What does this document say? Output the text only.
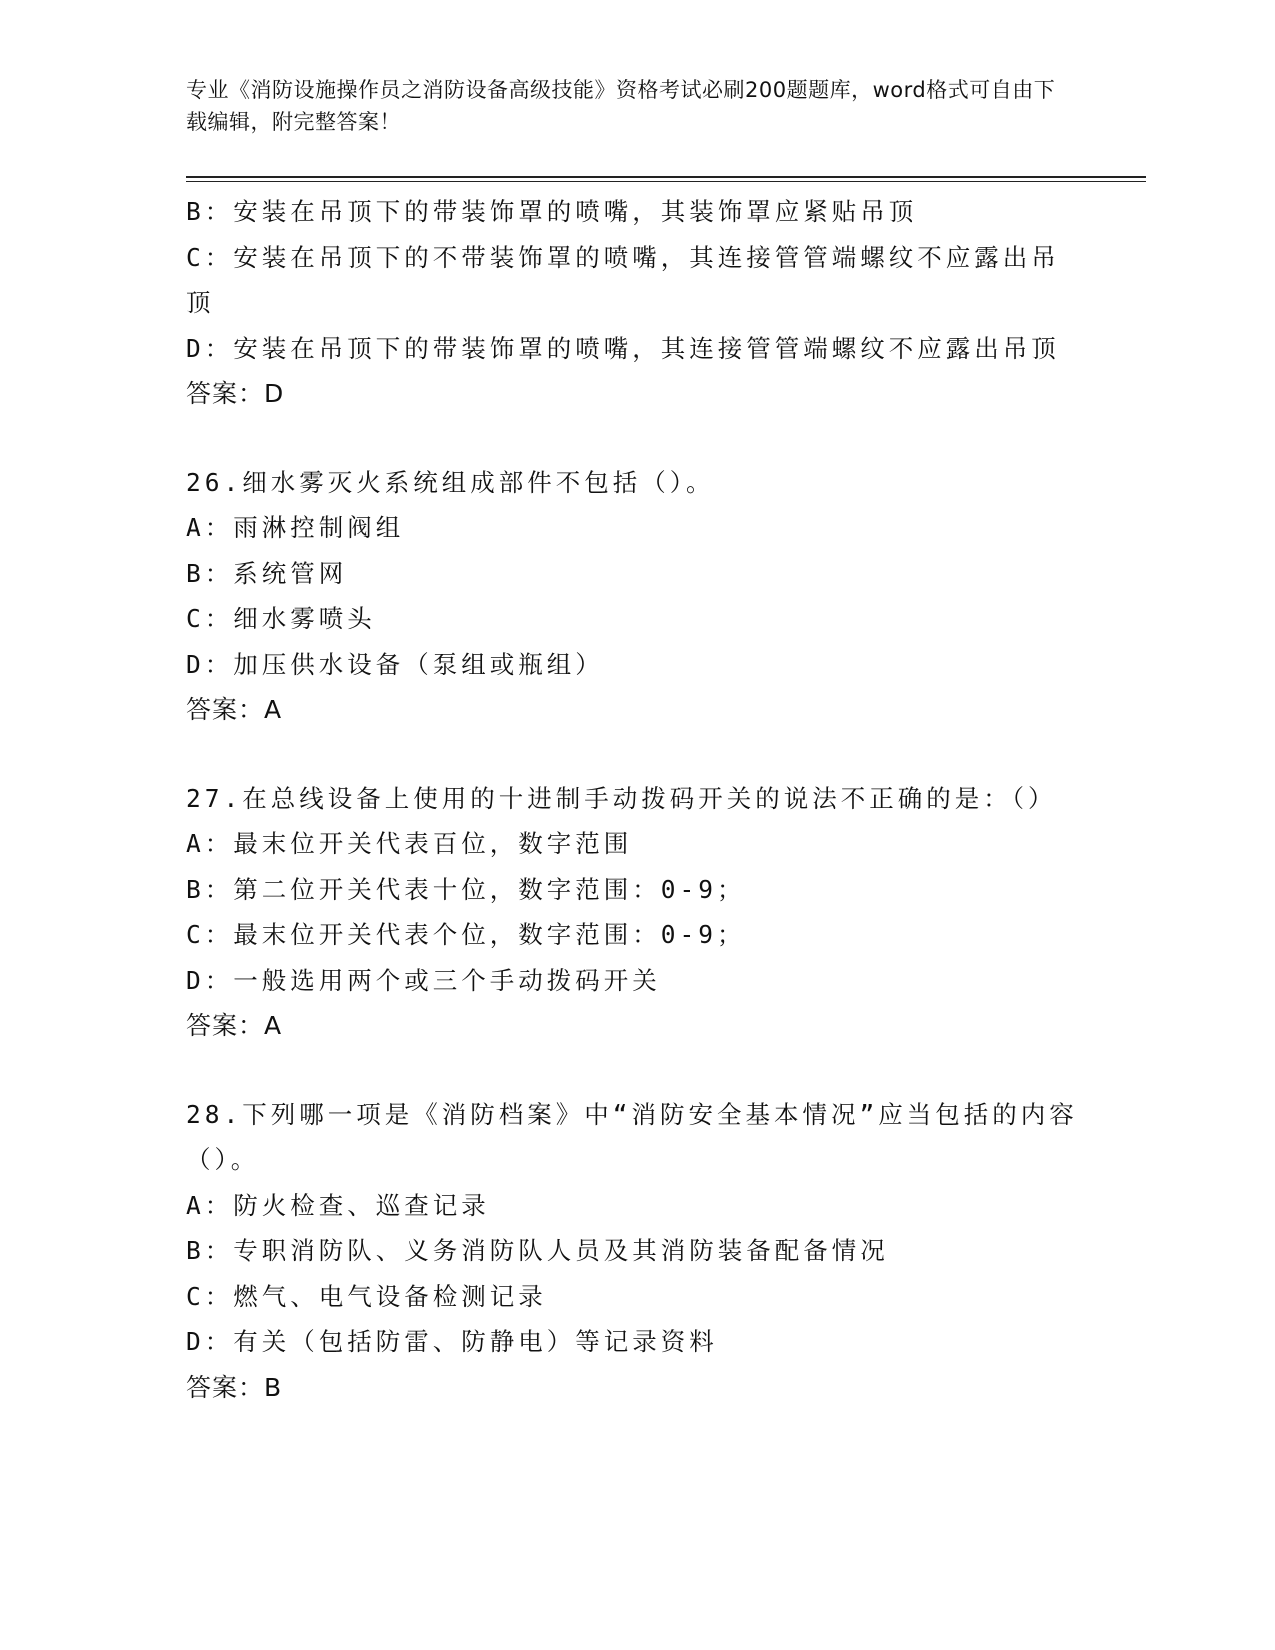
专业《消防设施操作员之消防设备高级技能》资格考试必刷200题题库，word格式可自由下载编辑，附完整答案！

B：安装在吊顶下的带装饰罩的喷嘴，其装饰罩应紧贴吊顶

C：安装在吊顶下的不带装饰罩的喷嘴，其连接管管端螺纹不应露出吊顶

D：安装在吊顶下的带装饰罩的喷嘴，其连接管管端螺纹不应露出吊顶

答案：D

26.细水雾灭火系统组成部件不包括（）。

A：雨淋控制阀组

B：系统管网

C：细水雾喷头

D：加压供水设备（泵组或瓶组）

答案：A

27.在总线设备上使用的十进制手动拨码开关的说法不正确的是：（）

A：最末位开关代表百位，数字范围

B：第二位开关代表十位，数字范围：0-9；

C：最末位开关代表个位，数字范围：0-9；

D：一般选用两个或三个手动拨码开关

答案：A

28.下列哪一项是《消防档案》中“消防安全基本情况”应当包括的内容（）。

A：防火检查、巡查记录

B：专职消防队、义务消防队人员及其消防装备配备情况

C：燃气、电气设备检测记录

D：有关（包括防雷、防静电）等记录资料

答案：B
